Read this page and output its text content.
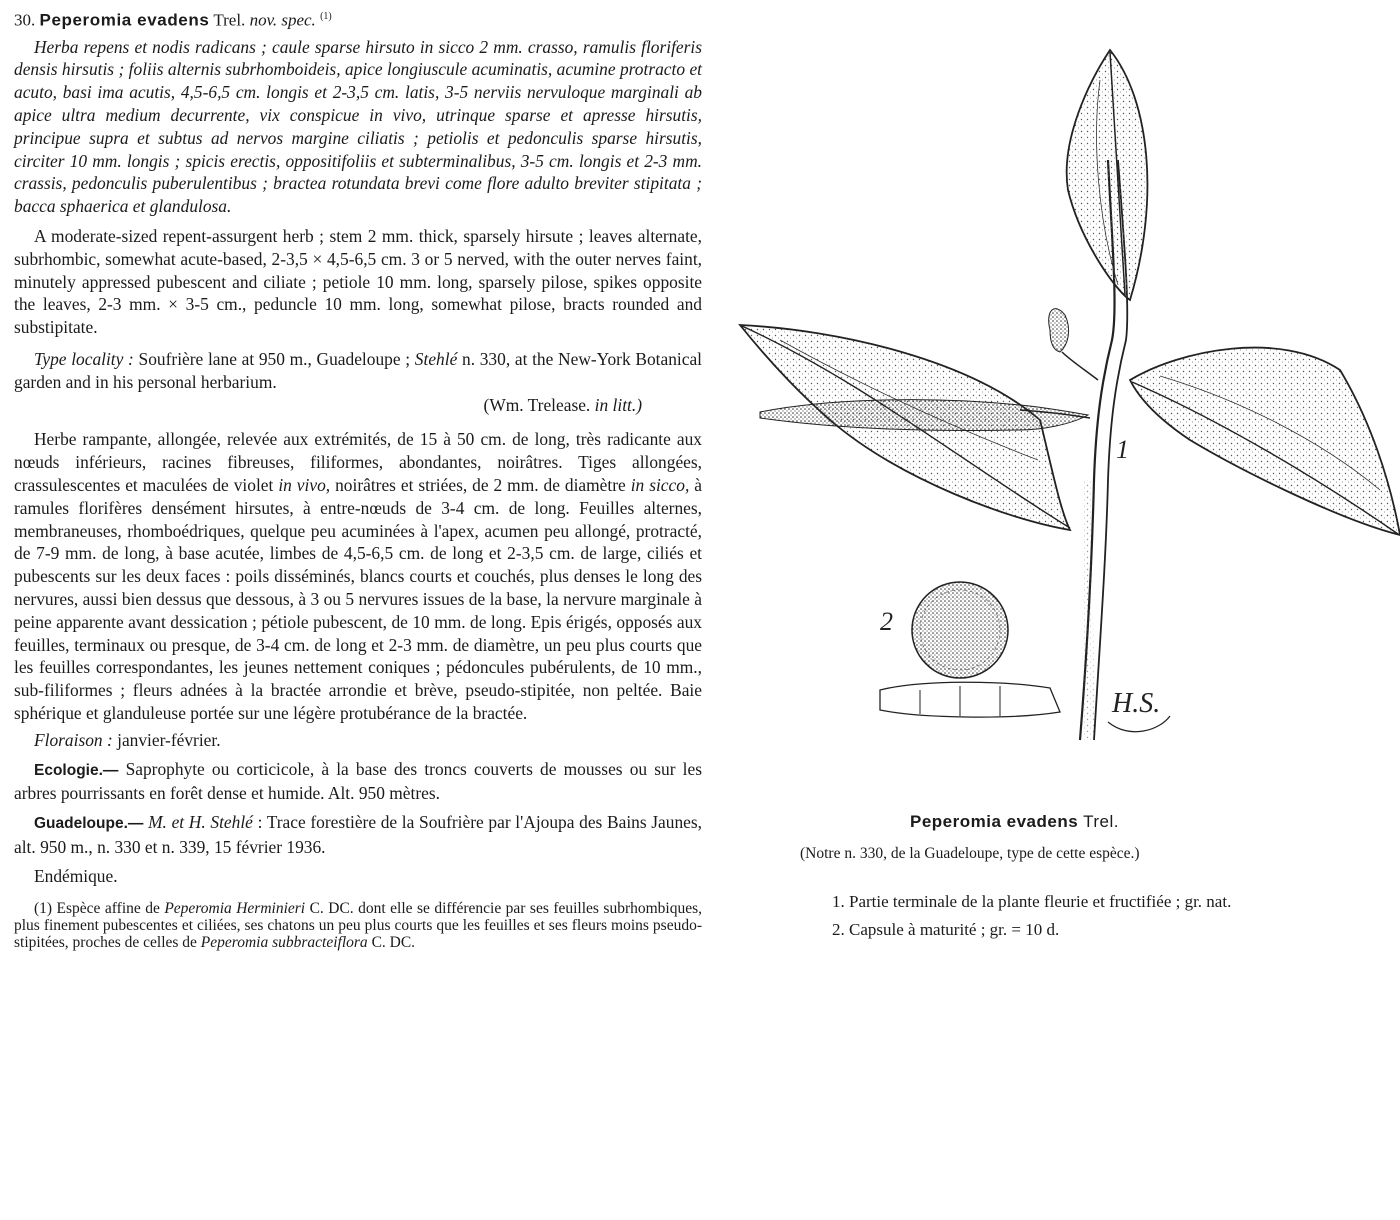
30. Peperomia evadens Trel. nov. spec. $^{(1)}$

Herba repens et nodis radicans ; caule sparse hirsuto in sicco 2 mm. crasso, ramulis floriferis densis hirsutis ; foliis alternis subrhomboideis, apice longiuscule acuminatis, acumine protracto et acuto, basi ima acutis, 4,5-6,5 cm. longis et 2-3,5 cm. latis, 3-5 nerviis nervuloque marginali ab apice ultra medium decurrente, vix conspicue in vivo, utrinque sparse et apresse hirsutis, principue supra et subtus ad nervos margine ciliatis ; petiolis et pedonculis sparse hirsutis, circiter 10 mm. longis ; spicis erectis, oppositifoliis et subterminalibus, 3-5 cm. longis et 2-3 mm. crassis, pedonculis puberulentibus ; bractea rotundata brevi come flore adulto breviter stipitata ; bacca sphaerica et glandulosa.

A moderate-sized repent-assurgent herb ; stem 2 mm. thick, sparsely hirsute ; leaves alternate, subrhombic, somewhat acute-based, 2-3,5 × 4,5-6,5 cm. 3 or 5 nerved, with the outer nerves faint, minutely appressed pubescent and ciliate ; petiole 10 mm. long, sparsely pilose, spikes opposite the leaves, 2-3 mm. × 3-5 cm., peduncle 10 mm. long, somewhat pilose, bracts rounded and substipitate.

Type locality : Soufrière lane at 950 m., Guadeloupe ; Stehlé n. 330, at the New-York Botanical garden and in his personal herbarium.

(Wm. Trelease. in litt.)

Herbe rampante, allongée, relevée aux extrémités, de 15 à 50 cm. de long, très radicante aux nœuds inférieurs, racines fibreuses, filiformes, abondantes, noirâtres. Tiges allongées, crassulescentes et maculées de violet in vivo, noirâtres et striées, de 2 mm. de diamètre in sicco, à ramules florifères densément hirsutes, à entre-nœuds de 3-4 cm. de long. Feuilles alternes, membraneuses, rhomboédriques, quelque peu acuminées à l'apex, acumen peu allongé, protracté, de 7-9 mm. de long, à base acutée, limbes de 4,5-6,5 cm. de long et 2-3,5 cm. de large, ciliés et pubescents sur les deux faces : poils disséminés, blancs courts et couchés, plus denses le long des nervures, aussi bien dessus que dessous, à 3 ou 5 nervures issues de la base, la nervure marginale à peine apparente avant dessication ; pétiole pubescent, de 10 mm. de long. Epis érigés, opposés aux feuilles, terminaux ou presque, de 3-4 cm. de long et 2-3 mm. de diamètre, un peu plus courts que les feuilles correspondantes, les jeunes nettement coniques ; pédoncules pubérulents, de 10 mm., sub-filiformes ; fleurs adnées à la bractée arrondie et brève, pseudo-stipitée, non peltée. Baie sphérique et glanduleuse portée sur une légère protubérance de la bractée.

Floraison : janvier-février.

Ecologie.— Saprophyte ou corticicole, à la base des troncs couverts de mousses ou sur les arbres pourrissants en forêt dense et humide. Alt. 950 mètres.

Guadeloupe.— M. et H. Stehlé : Trace forestière de la Soufrière par l'Ajoupa des Bains Jaunes, alt. 950 m., n. 330 et n. 339, 15 février 1936.

Endémique.

(1) Espèce affine de Peperomia Herminieri C. DC. dont elle se différencie par ses feuilles subrhombiques, plus finement pubescentes et ciliées, ses chatons un peu plus courts que les feuilles et ses fleurs moins pseudo-stipitées, proches de celles de Peperomia subbracteiflora C. DC.

1
2
H.S.
Peperomia evadens Trel.
(Notre n. 330, de la Guadeloupe, type de cette espèce.)
1. Partie terminale de la plante fleurie et fructifiée ; gr. nat.
2. Capsule à maturité ; gr. = 10 d.
